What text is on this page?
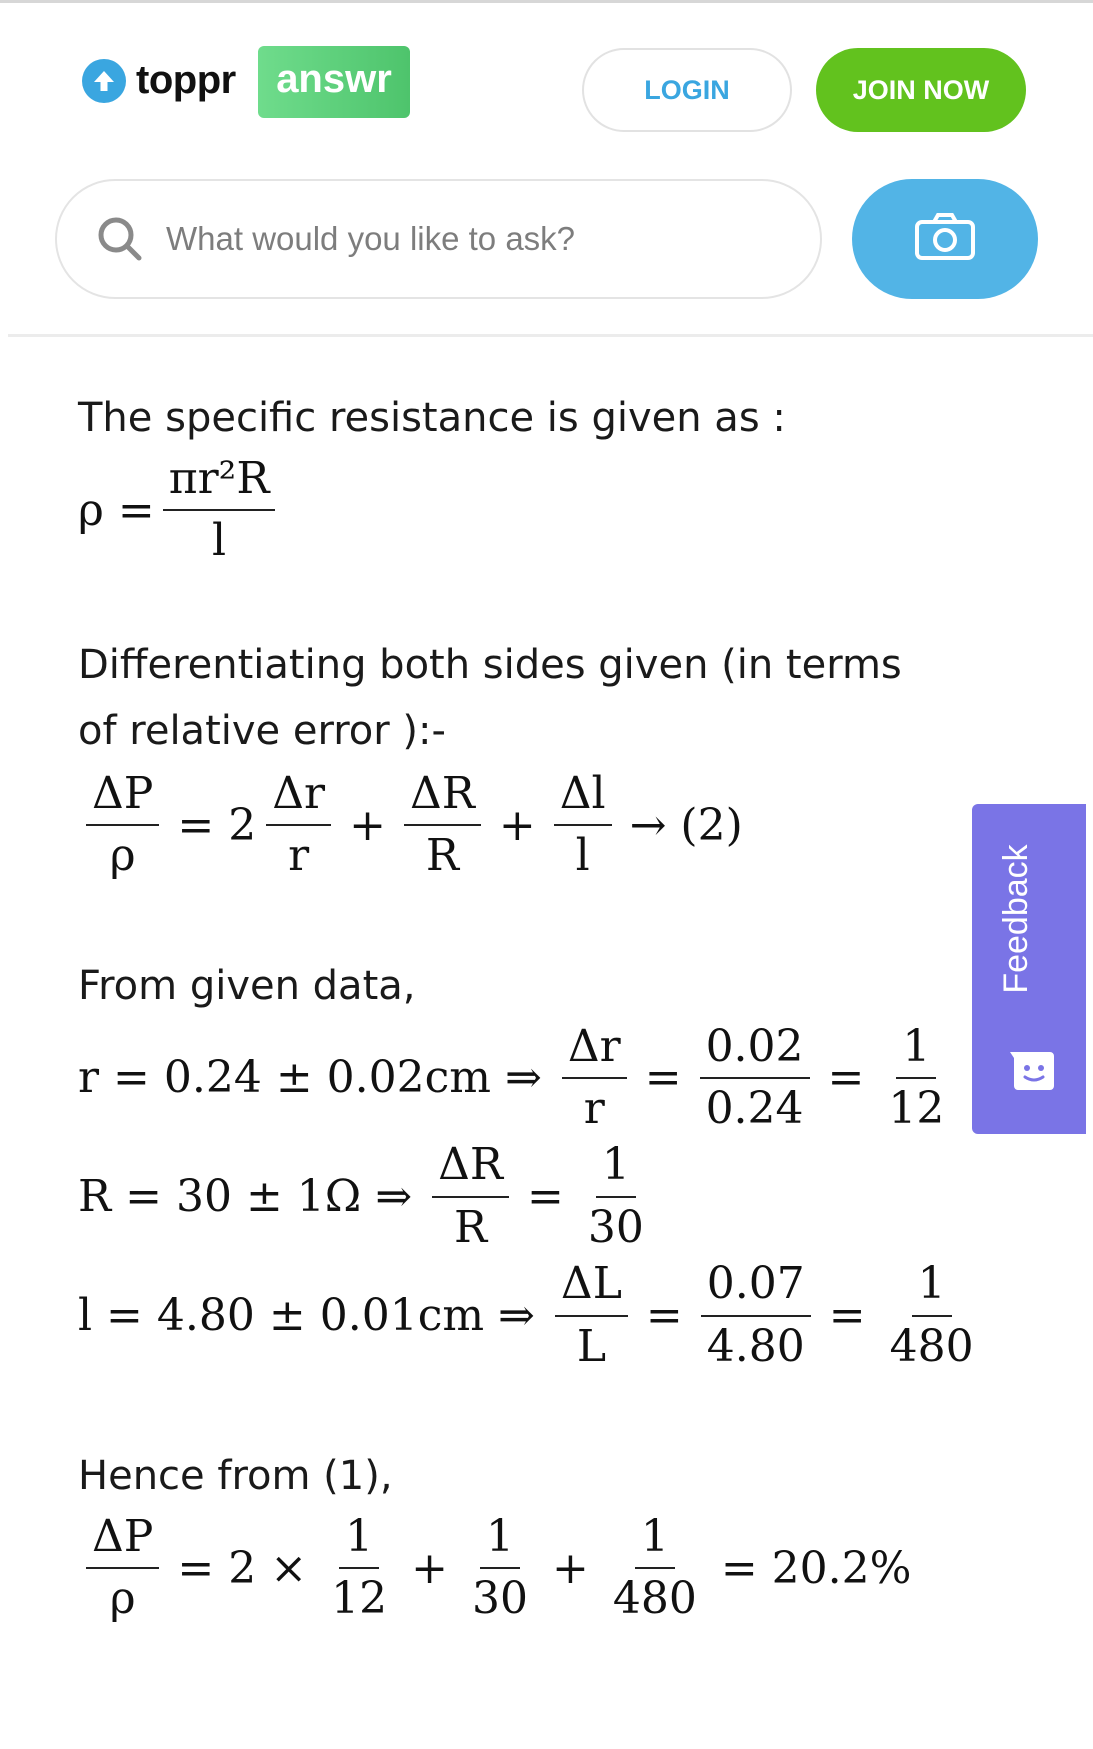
toppr	answr	LOGIN	JOIN NOW
What would you like to ask?
The specific resistance is given as :
$\rho = \frac{\text{πr²R}}{l}$
Differentiating both sides given (in terms of relative error ):-
$\frac{\Delta P}{\rho} = 2 \frac{\Delta r}{r} + \frac{\Delta R}{R} + \frac{\Delta l}{l} \to (2)$
From given data,
r = 0.24 ± 0.02cm ⇒ $\frac{\Delta r}{r} = \frac{0.02}{0.24} = \frac{1}{12}$
R = 30 ± 1Ω ⇒ $\frac{\Delta R}{R} = \frac{1}{30}$
l = 4.80 ± 0.01cm ⇒ $\frac{\Delta L}{L} = \frac{0.07}{4.80} = \frac{1}{480}$
Hence from (1),
$\frac{\Delta P}{\rho} = 2 \times \frac{1}{12} + \frac{1}{30} + \frac{1}{480} = 20.2\%$
Feedback
